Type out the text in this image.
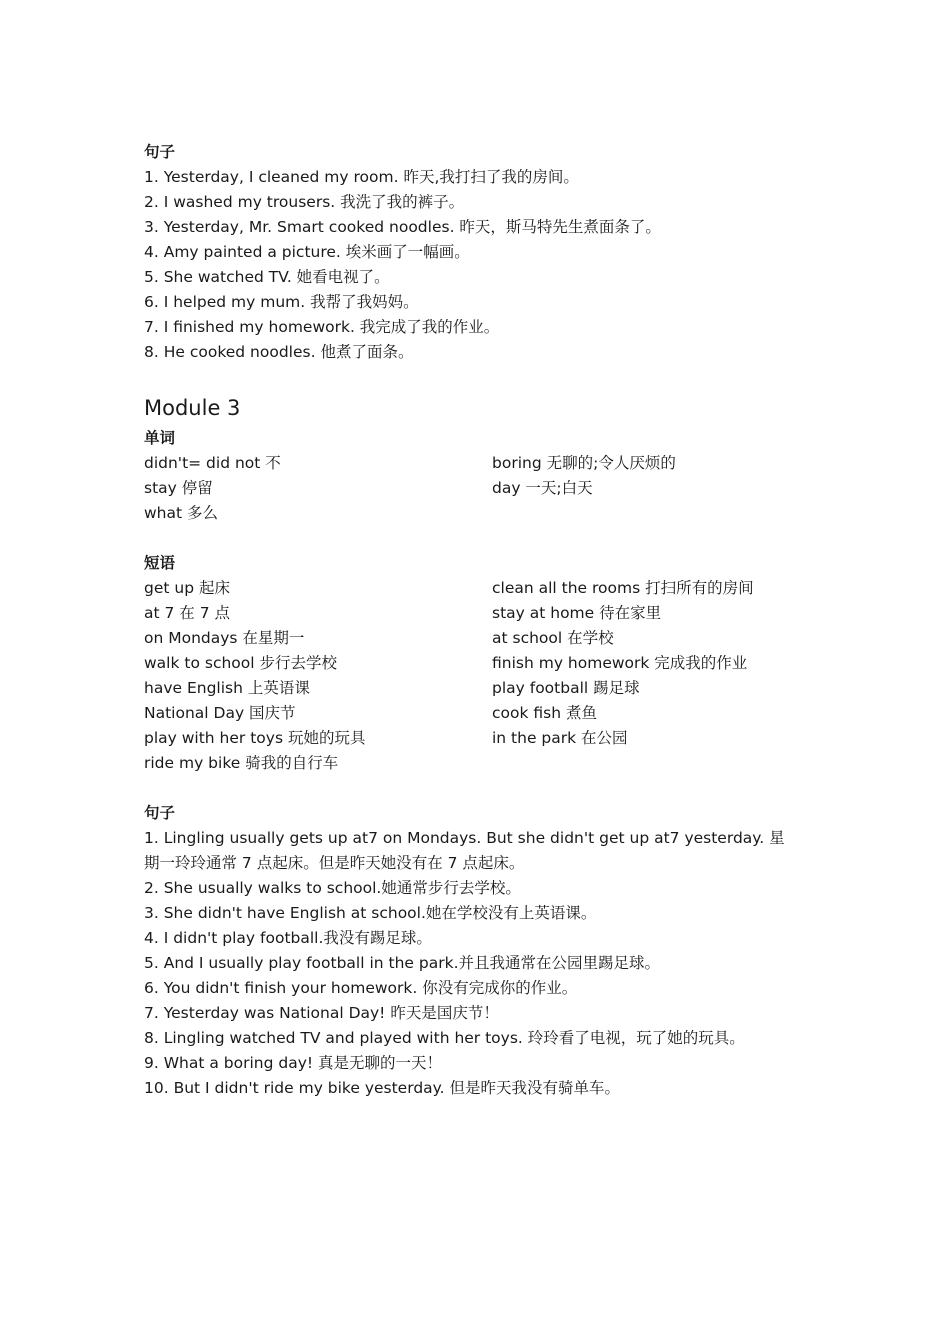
句子
1. Yesterday, I cleaned my room. 昨天,我打扫了我的房间。
2. I washed my trousers. 我洗了我的裤子。
3. Yesterday, Mr. Smart cooked noodles. 昨天，斯马特先生煮面条了。
4. Amy painted a picture. 埃米画了一幅画。
5. She watched TV. 她看电视了。
6. I helped my mum. 我帮了我妈妈。
7. I finished my homework. 我完成了我的作业。
8. He cooked noodles. 他煮了面条。
Module 3
单词
didn't= did not 不
stay 停留
what 多么
boring 无聊的;令人厌烦的
day 一天;白天
短语
get up 起床
at 7 在 7 点
on Mondays 在星期一
walk to school 步行去学校
have English 上英语课
National Day 国庆节
play with her toys 玩她的玩具
ride my bike 骑我的自行车
clean all the rooms 打扫所有的房间
stay at home 待在家里
at school 在学校
finish my homework 完成我的作业
play football 踢足球
cook fish 煮鱼
in the park 在公园
句子
1. Lingling usually gets up at7 on Mondays. But she didn't get up at7 yesterday. 星期一玲玲通常 7 点起床。但是昨天她没有在 7 点起床。
2. She usually walks to school.她通常步行去学校。
3. She didn't have English at school.她在学校没有上英语课。
4. I didn't play football.我没有踢足球。
5. And I usually play football in the park.并且我通常在公园里踢足球。
6. You didn't finish your homework. 你没有完成你的作业。
7. Yesterday was National Day! 昨天是国庆节！
8. Lingling watched TV and played with her toys. 玲玲看了电视，玩了她的玩具。
9. What a boring day! 真是无聊的一天！
10. But I didn't ride my bike yesterday. 但是昨天我没有骑单车。
